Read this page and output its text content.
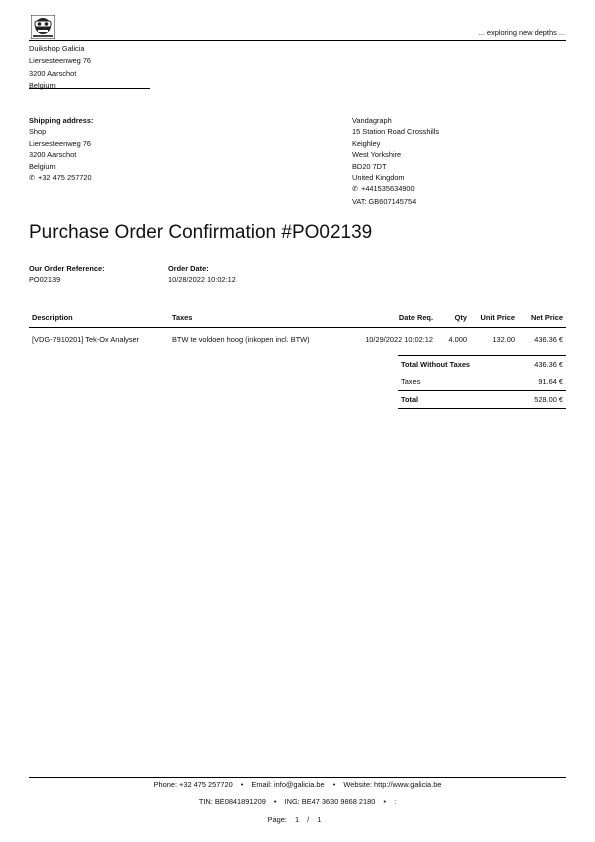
... exploring new depths ...
Duikshop Galicia
Liersesteenweg 76
3200 Aarschot
Belgium
Shipping address:
Shop
Liersesteenweg 76
3200 Aarschot
Belgium
✆ +32 475 257720
Vandagraph
15 Station Road Crosshills
Keighley
West Yorkshire
BD20 7DT
United Kingdom
✆ +441535634900
VAT: GB607145754
Purchase Order Confirmation #PO02139
Our Order Reference:
PO02139
Order Date:
10/28/2022 10:02:12
Description	Taxes	Date Req.	Qty	Unit Price	Net Price
[VDG-7910201] Tek-Ox Analyser	BTW te voldoen hoog (inkopen incl. BTW)	10/29/2022 10:02:12	4.000	132.00	436.36 €
Total Without Taxes	436.36 €
Taxes	91.64 €
Total	528.00 €
Phone: +32 475 257720 • Email: info@galicia.be • Website: http://www.galicia.be
TIN: BE0841891209 • ING: BE47 3630 9868 2180 • :
Page: 1 / 1
